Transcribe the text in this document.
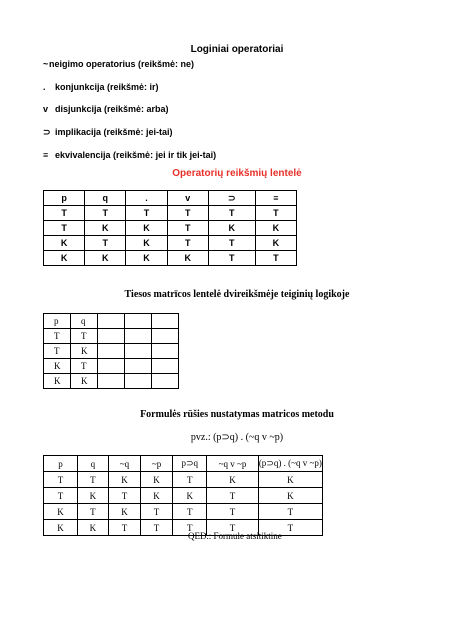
Loginiai operatoriai
~neigimo operatorius (reikšmė: ne)
. konjunkcija (reikšmė: ir)
v disjunkcija (reikšmė: arba)
⊃ implikacija (reikšmė: jei-tai)
≡ ekvivalencija (reikšmė: jei ir tik jei-tai)
Operatorių reikšmių lentelė
p	q	.	v	⊃	≡
T	T	T	T	T	T
T	K	K	T	K	K
K	T	K	T	T	K
K	K	K	K	T	T
Tiesos matrīcos lentelė dvireikšmėje teiginių logikoje
p	q			
T	T			
T	K			
K	T			
K	K			
Formulės rūšies nustatymas matricos metodu
pvz.: (p⊃q) . (~q v ~p)
p	q	~q	~p	p⊃q	~q v ~p	(p⊃q) . (~q v ~p)
T	T	K	K	T	K	K
T	K	T	K	K	T	K
K	T	K	T	T	T	T
K	K	T	T	T	T	T
QED.: Formule atsitiktine
